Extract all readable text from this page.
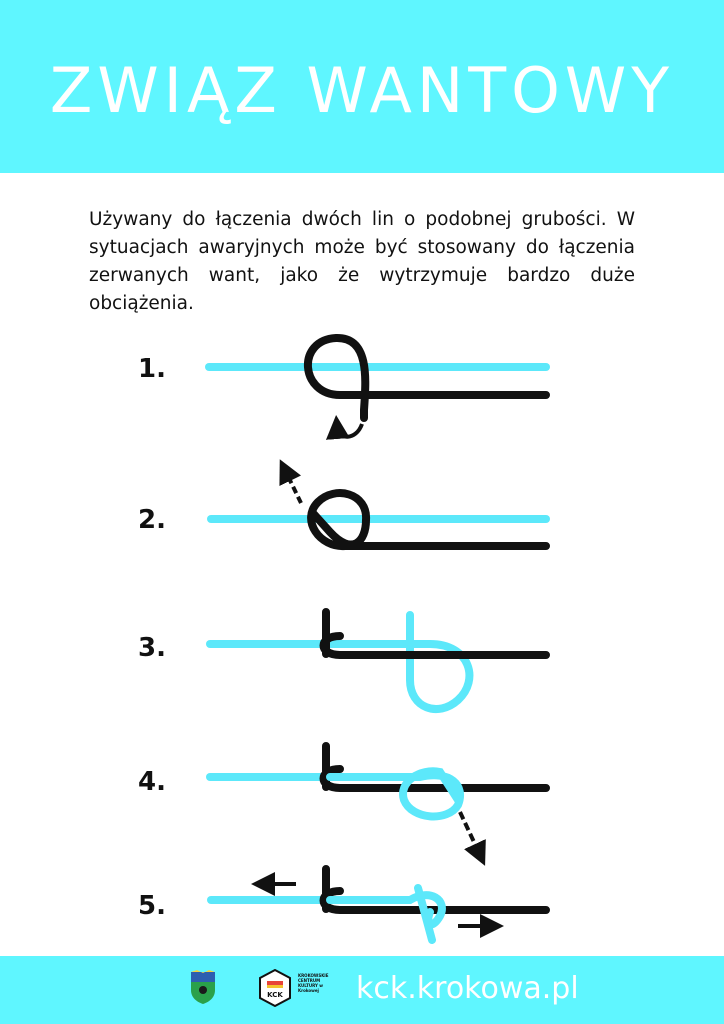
ZWIĄZ WANTOWY
Używany do łączenia dwóch lin o podobnej grubości. W sytuacjach awaryjnych może być stosowany do łączenia zerwanych want, jako że wytrzymuje bardzo duże obciążenia.
1.
2.
3.
4.
5.
KCK
KROKOWSKIE CENTRUM KULTURY w Krokowej	kck.krokowa.pl
